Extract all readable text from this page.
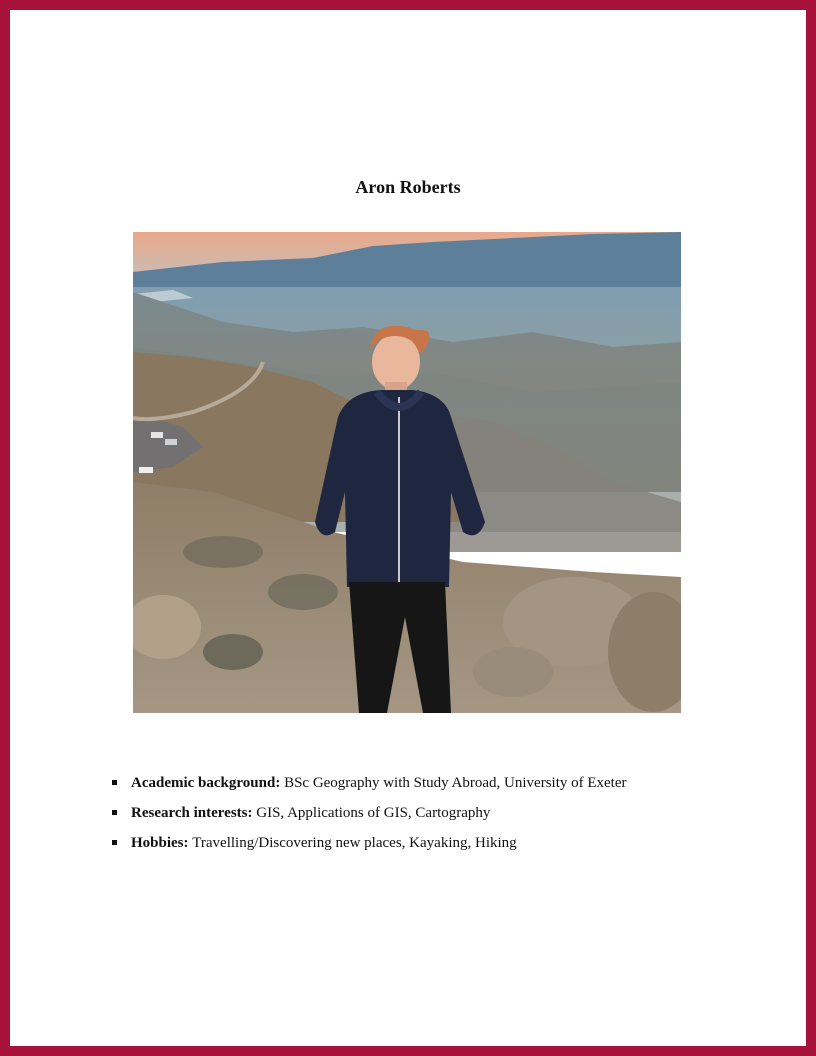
Aron Roberts
Academic background: BSc Geography with Study Abroad, University of Exeter
Research interests: GIS, Applications of GIS, Cartography
Hobbies: Travelling/Discovering new places, Kayaking, Hiking
